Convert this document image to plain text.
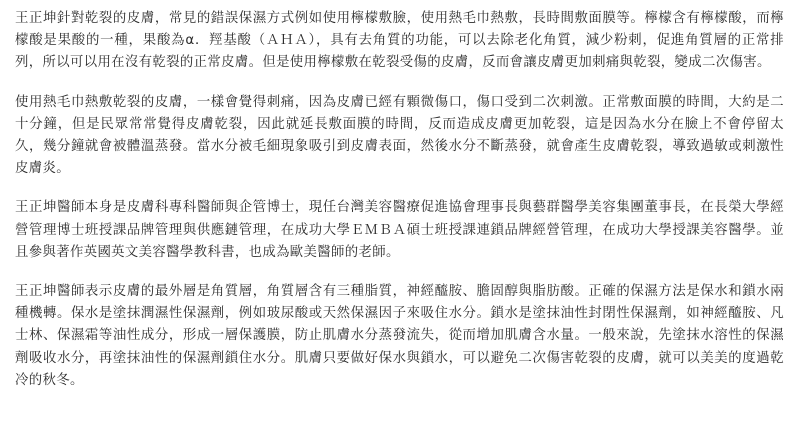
王正坤針對乾裂的皮膚，常見的錯誤保濕方式例如使用檸檬敷臉，使用熱毛巾熱敷，長時間敷面膜等。檸檬含有檸檬酸，而檸檬酸是果酸的一種，果酸為α．羥基酸（ＡＨＡ），具有去角質的功能，可以去除老化角質，減少粉刺，促進角質層的正常排列，所以可以用在沒有乾裂的正常皮膚。但是使用檸檬敷在乾裂受傷的皮膚，反而會讓皮膚更加刺痛與乾裂，變成二次傷害。

使用熱毛巾熱敷乾裂的皮膚，一樣會覺得刺痛，因為皮膚已經有顆微傷口，傷口受到二次刺激。正常敷面膜的時間，大約是二十分鐘，但是民眾常常覺得皮膚乾裂，因此就延長敷面膜的時間，反而造成皮膚更加乾裂，這是因為水分在臉上不會停留太久，幾分鐘就會被體溫蒸發。當水分被毛細現象吸引到皮膚表面，然後水分不斷蒸發，就會產生皮膚乾裂，導致過敏或刺激性皮膚炎。

王正坤醫師本身是皮膚科專科醫師與企管博士，現任台灣美容醫療促進協會理事長與藝群醫學美容集團董事長，在長榮大學經營管理博士班授課品牌管理與供應鏈管理，在成功大學ＥＭＢＡ碩士班授課連鎖品牌經營管理，在成功大學授課美容醫學。並且參與著作英國英文美容醫學教科書，也成為歐美醫師的老師。

王正坤醫師表示皮膚的最外層是角質層，角質層含有三種脂質，神經醯胺、膽固醇與脂肪酸。正確的保濕方法是保水和鎖水兩種機轉。保水是塗抹潤濕性保濕劑，例如玻尿酸或天然保濕因子來吸住水分。鎖水是塗抹油性封閉性保濕劑，如神經醯胺、凡士林、保濕霜等油性成分，形成一層保護膜，防止肌膚水分蒸發流失，從而增加肌膚含水量。一般來說，先塗抹水溶性的保濕劑吸收水分，再塗抹油性的保濕劑鎖住水分。肌膚只要做好保水與鎖水，可以避免二次傷害乾裂的皮膚，就可以美美的度過乾冷的秋冬。
